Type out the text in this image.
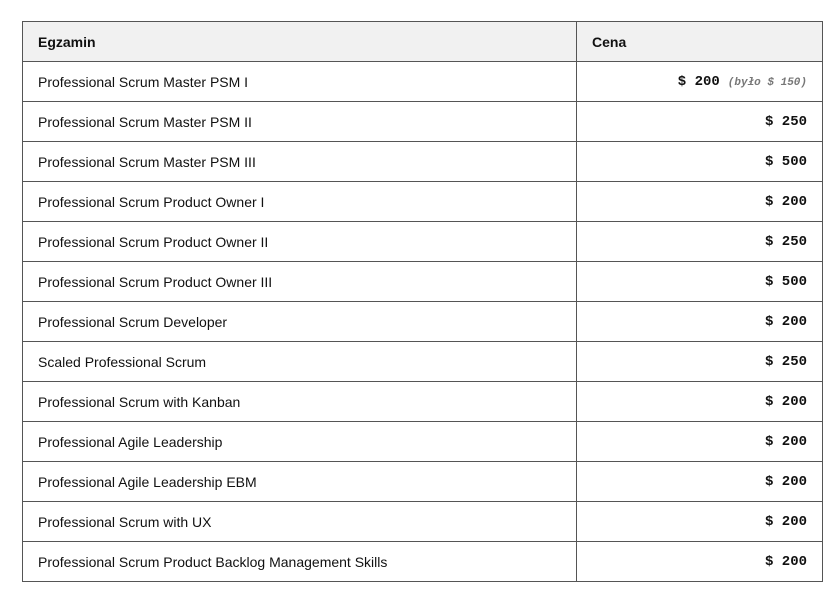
Egzamin	Cena
Professional Scrum Master PSM I	$ 200 (było $ 150)
Professional Scrum Master PSM II	$ 250
Professional Scrum Master PSM III	$ 500
Professional Scrum Product Owner I	$ 200
Professional Scrum Product Owner II	$ 250
Professional Scrum Product Owner III	$ 500
Professional Scrum Developer	$ 200
Scaled Professional Scrum	$ 250
Professional Scrum with Kanban	$ 200
Professional Agile Leadership	$ 200
Professional Agile Leadership EBM	$ 200
Professional Scrum with UX	$ 200
Professional Scrum Product Backlog Management Skills	$ 200
